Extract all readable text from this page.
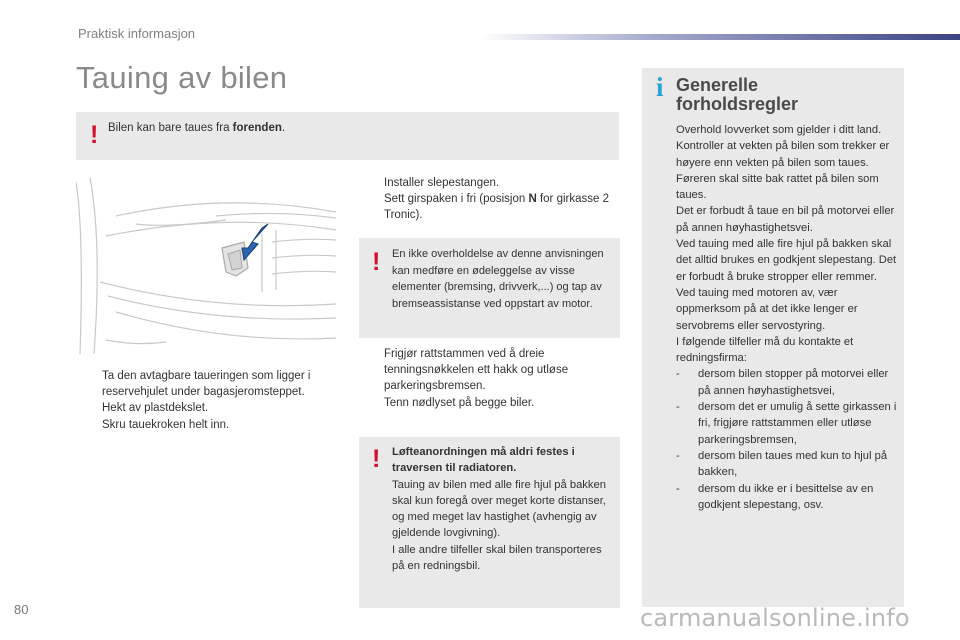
Praktisk informasjon
Tauing av bilen
! Bilen kan bare taues fra forenden.
Ta den avtagbare taueringen som ligger i reservehjulet under bagasjeromsteppet.
Hekt av plastdekslet.
Skru tauekroken helt inn.
Installer slepestangen.
Sett girspaken i fri (posisjon N for girkasse 2 Tronic).
! En ikke overholdelse av denne anvisningen kan medføre en ødeleggelse av visse elementer (bremsing, drivverk,...) og tap av bremseassistanse ved oppstart av motor.
Frigjør rattstammen ved å dreie tenningsnøkkelen ett hakk og utløse parkeringsbremsen.
Tenn nødlyset på begge biler.
! Løfteanordningen må aldri festes i traversen til radiatoren.
Tauing av bilen med alle fire hjul på bakken skal kun foregå over meget korte distanser, og med meget lav hastighet (avhengig av gjeldende lovgivning).
I alle andre tilfeller skal bilen transporteres på en redningsbil.
i Generelle
forholdsregler
Overhold lovverket som gjelder i ditt land.
Kontroller at vekten på bilen som trekker er høyere enn vekten på bilen som taues.
Føreren skal sitte bak rattet på bilen som taues.
Det er forbudt å taue en bil på motorvei eller på annen høyhastighetsvei.
Ved tauing med alle fire hjul på bakken skal det alltid brukes en godkjent slepestang. Det er forbudt å bruke stropper eller remmer.
Ved tauing med motoren av, vær oppmerksom på at det ikke lenger er servobrems eller servostyring.
I følgende tilfeller må du kontakte et redningsfirma:
- dersom bilen stopper på motorvei eller på annen høyhastighetsvei,
- dersom det er umulig å sette girkassen i fri, frigjøre rattstammen eller utløse parkeringsbremsen,
- dersom bilen taues med kun to hjul på bakken,
- dersom du ikke er i besittelse av en godkjent slepestang, osv.
80	carmanualsonline.info
